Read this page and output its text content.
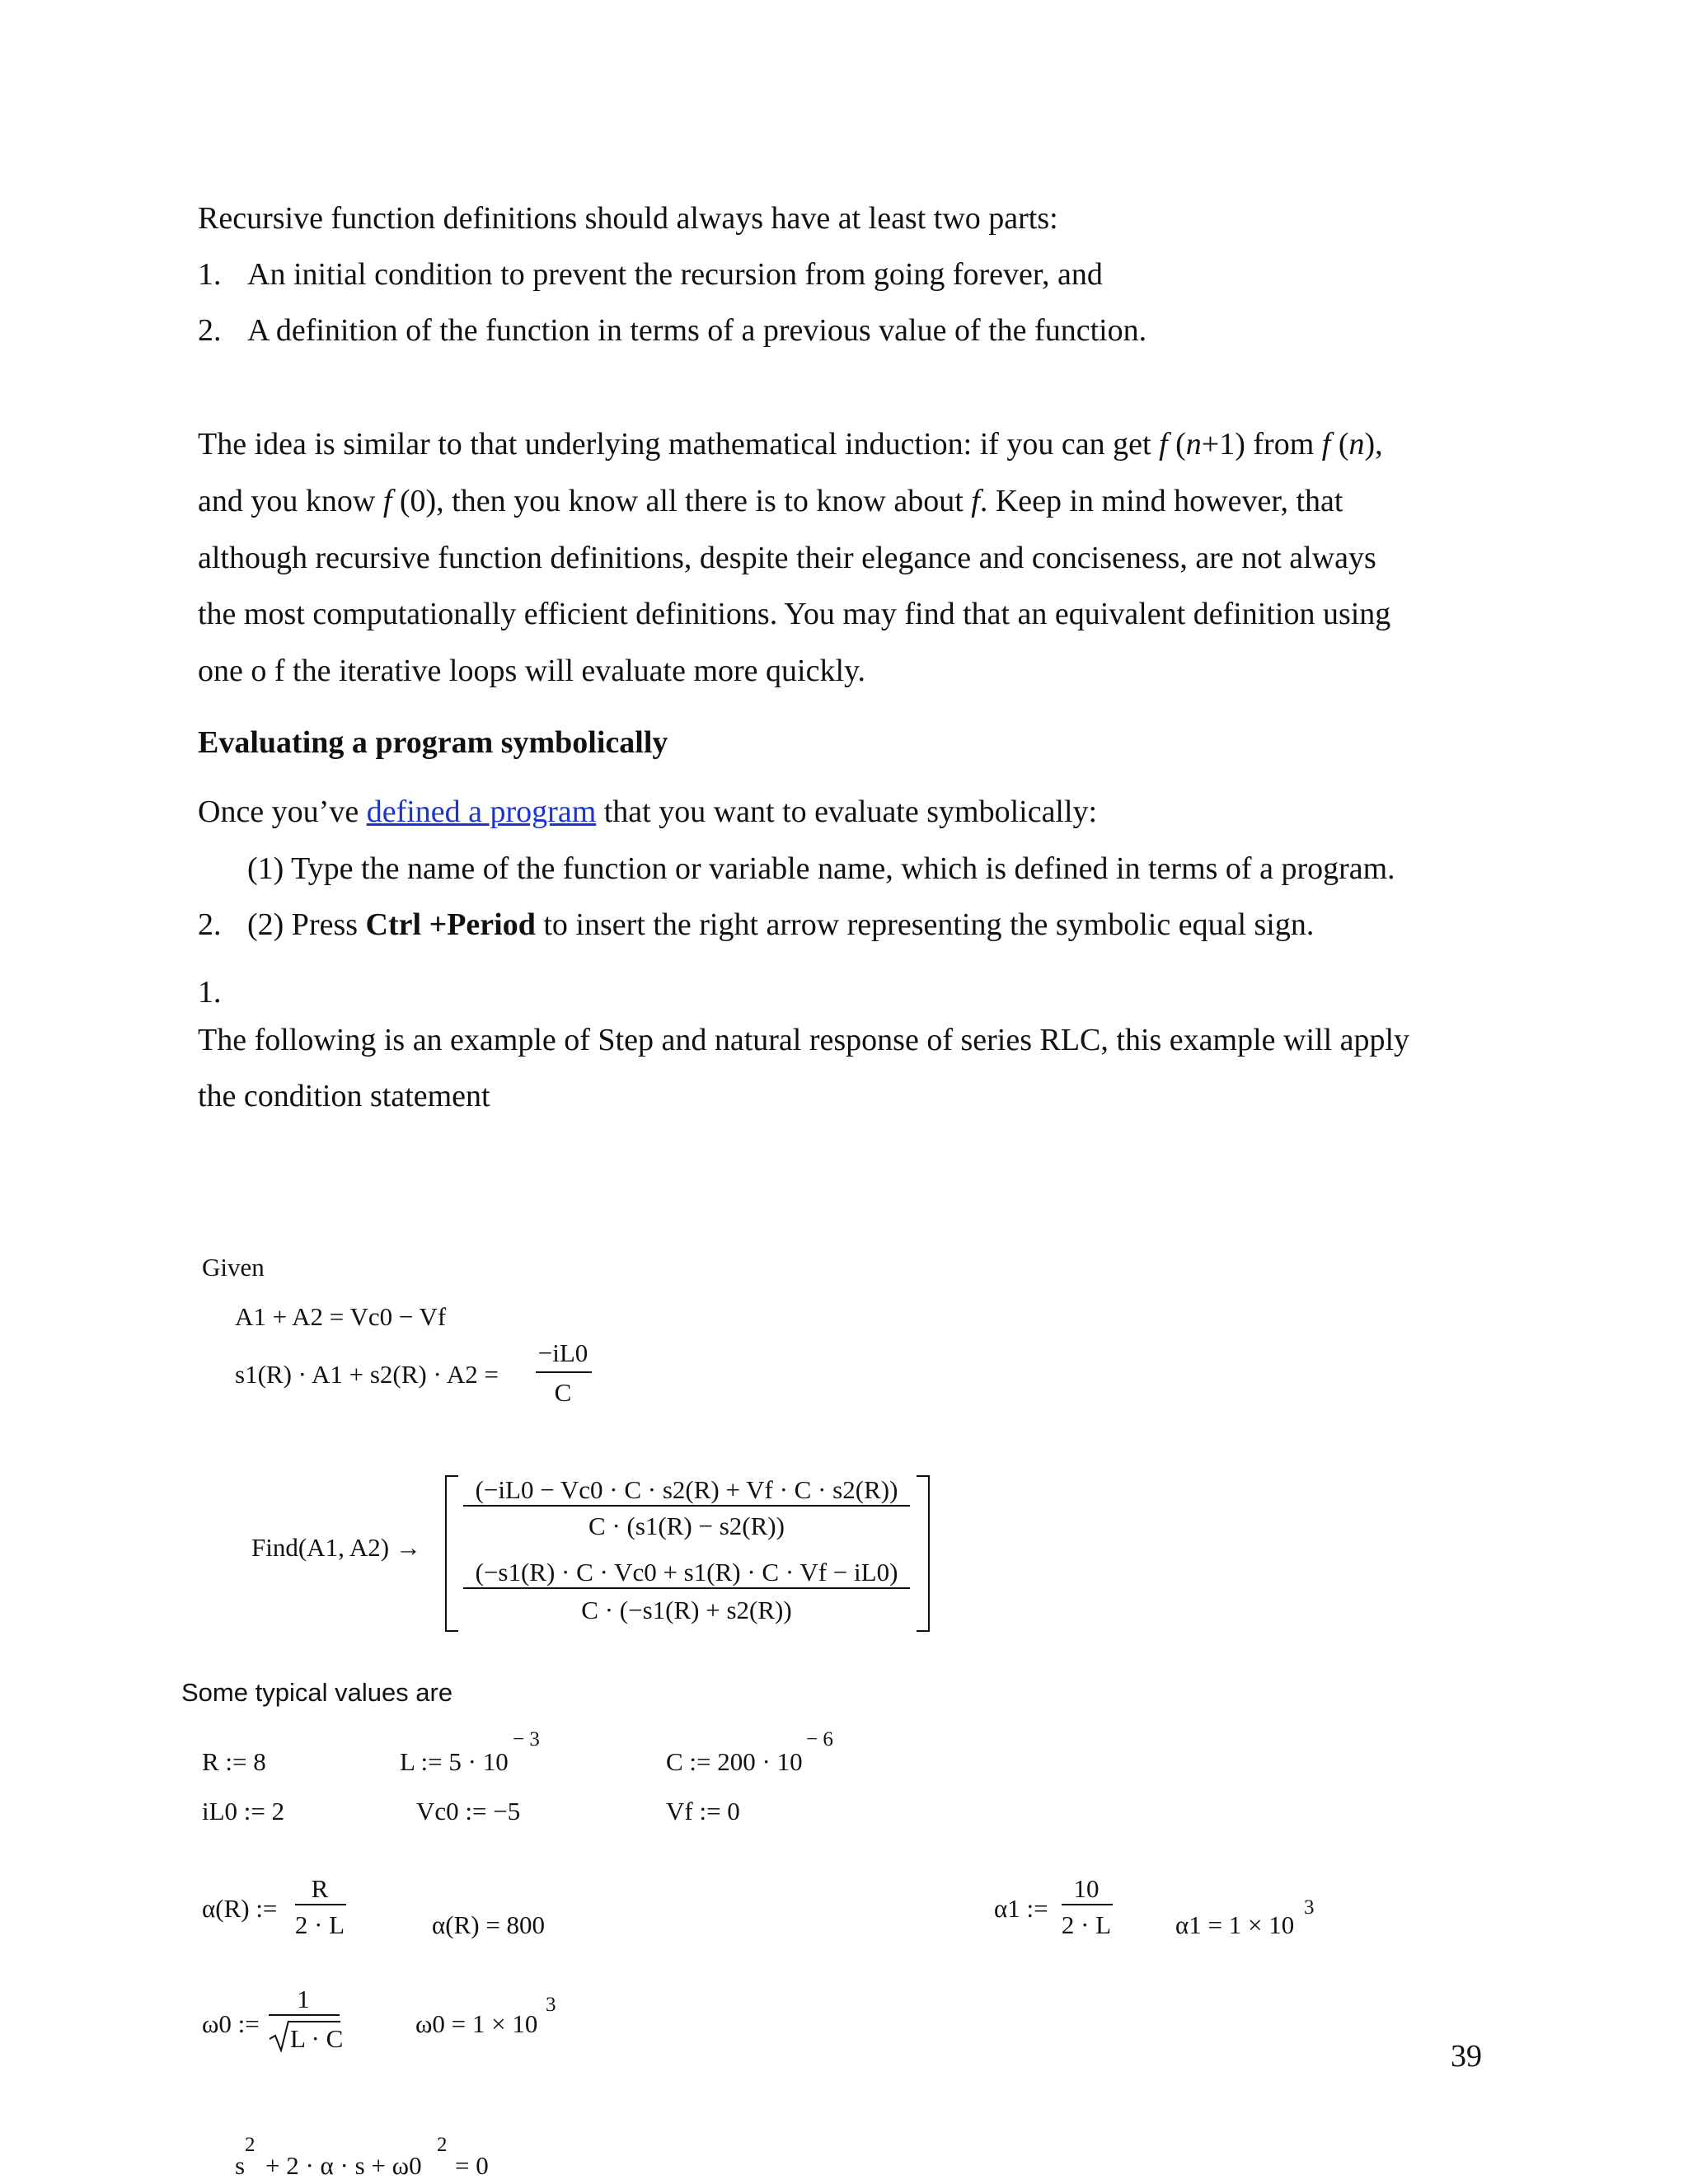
Recursive function definitions should always have at least two parts:
1. An initial condition to prevent the recursion from going forever, and
2. A definition of the function in terms of a previous value of the function.
The idea is similar to that underlying mathematical induction: if you can get f (n+1) from f (n),
and you know f (0), then you know all there is to know about f. Keep in mind however, that
although recursive function definitions, despite their elegance and conciseness, are not always
the most computationally efficient definitions. You may find that an equivalent definition using
one o f the iterative loops will evaluate more quickly.
Evaluating a program symbolically
Once you’ve defined a program that you want to evaluate symbolically:
(1) Type the name of the function or variable name, which is defined in terms of a program.
2. (2) Press Ctrl +Period to insert the right arrow representing the symbolic equal sign.
1.
The following is an example of Step and natural response of series RLC, this example will apply
the condition statement
Given
A1 + A2 = Vc0 − Vf
s1(R) · A1 + s2(R) · A2 =
−iL0
C
Find(A1, A2) →
(−iL0 − Vc0 · C · s2(R) + Vf · C · s2(R))
C · (s1(R) − s2(R))
(−s1(R) · C · Vc0 + s1(R) · C · Vf − iL0)
C · (−s1(R) + s2(R))
Some typical values are
R := 8	L := 5 · 10
− 3
C := 200 · 10
− 6
iL0 := 2	Vc0 := −5	Vf := 0
α(R) :=
R
2 · L	α(R) = 800
α1 :=
10
2 · L	α1 = 1 × 10
3
ω0 :=
1
L · C
ω0 = 1 × 10
3
s
2
+ 2 · α · s + ω0
2
= 0
39
